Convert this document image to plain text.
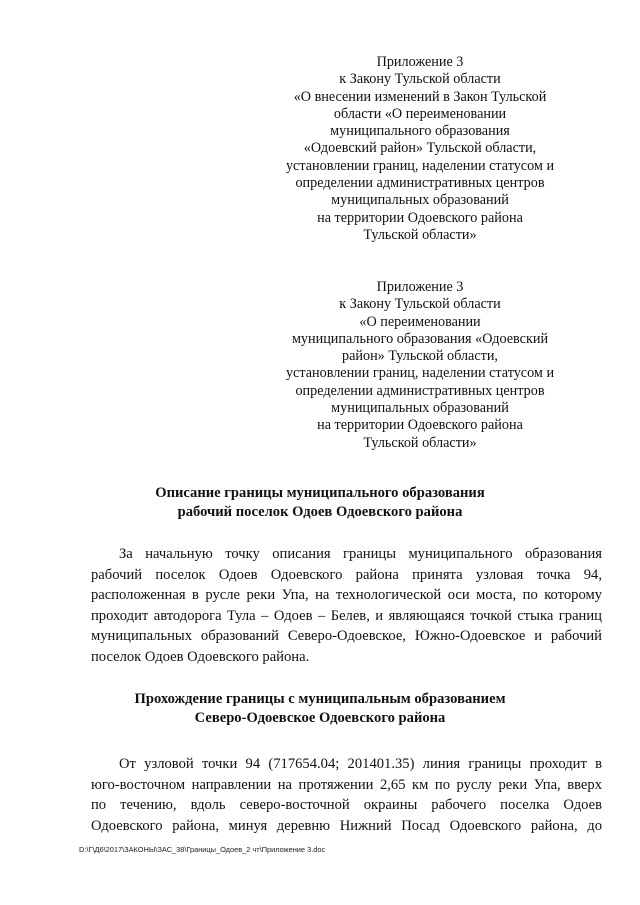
Приложение 3
к Закону Тульской области
«О внесении изменений в Закон Тульской
области «О переименовании
муниципального образования
«Одоевский район» Тульской области,
установлении границ, наделении статусом и
определении административных центров
муниципальных образований
на территории Одоевского района
Тульской области»
Приложение 3
к Закону Тульской области
«О переименовании
муниципального образования «Одоевский
район» Тульской области,
установлении границ, наделении статусом и
определении административных центров
муниципальных образований
на территории Одоевского района
Тульской области»
Описание границы муниципального образования
рабочий поселок Одоев Одоевского района
За начальную точку описания границы муниципального образования
рабочий поселок Одоев Одоевского района принята узловая точка 94,
расположенная в русле реки Упа, на технологической оси моста, по которому
проходит автодорога Тула – Одоев – Белев, и являющаяся точкой стыка границ
муниципальных образований Северо-Одоевское, Южно-Одоевское и рабочий
поселок Одоев Одоевского района.
Прохождение границы с муниципальным образованием
Северо-Одоевское Одоевского района
От узловой точки 94 (717654.04; 201401.35) линия границы проходит в
юго-восточном направлении на протяжении 2,65 км по руслу реки Упа, вверх
по течению, вдоль северо-восточной окраины рабочего поселка Одоев
Одоевского района, минуя деревню Нижний Посад Одоевского района, до
D:\Г\Д6\2017\ЗАКОНЫ\ЗАС_38\Границы_Одоев_2 чт\Приложение 3.doc
